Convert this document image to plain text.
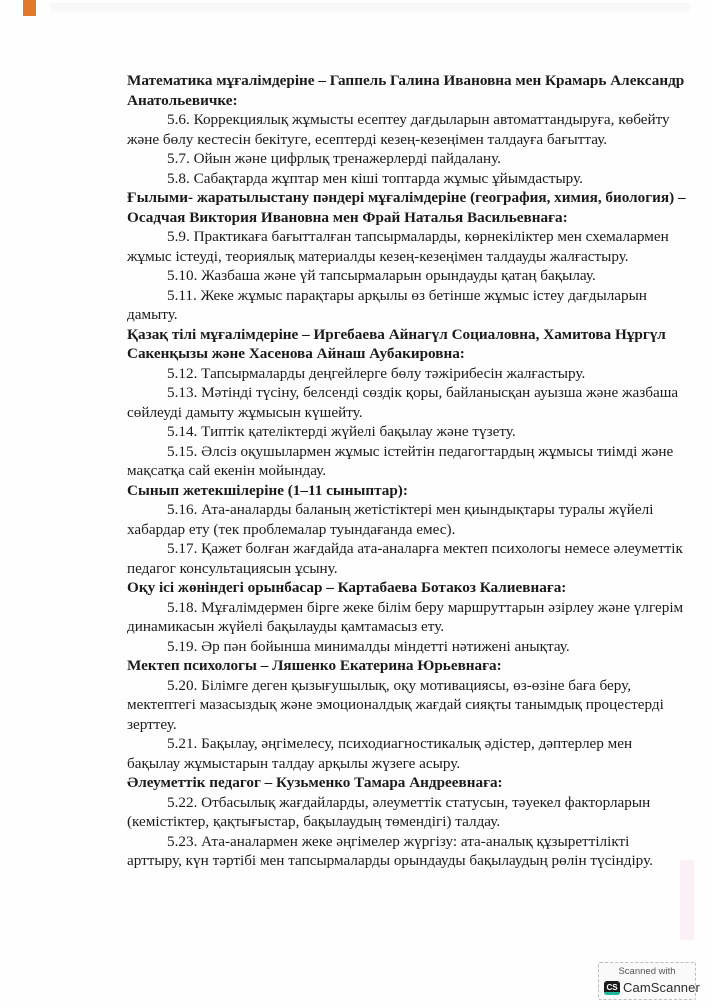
Математика мұғалімдеріне – Гаппель Галина Ивановна мен Крамарь Александр Анатольевичке:

5.6. Коррекциялық жұмысты есептеу дағдыларын автоматтандыруға, көбейту және бөлу кестесін бекітуге, есептерді кезең-кезеңімен талдауға бағыттау.

5.7. Ойын және цифрлық тренажерлерді пайдалану.

5.8. Сабақтарда жұптар мен кіші топтарда жұмыс ұйымдастыру.

Ғылыми- жаратылыстану пәндері мұғалімдеріне (география, химия, биология) – Осадчая Виктория Ивановна мен Фрай Наталья Васильевнаға:

5.9. Практикаға бағытталған тапсырмаларды, көрнекіліктер мен схемалармен жұмыс істеуді, теориялық материалды кезең-кезеңімен талдауды жалғастыру.

5.10. Жазбаша және үй тапсырмаларын орындауды қатаң бақылау.

5.11. Жеке жұмыс парақтары арқылы өз бетінше жұмыс істеу дағдыларын дамыту.

Қазақ тілі мұғалімдеріне – Иргебаева Айнагүл Социаловна, Хамитова Нұргүл Сакенқызы және Хасенова Айнаш Аубакировна:

5.12. Тапсырмаларды деңгейлерге бөлу тәжірибесін жалғастыру.

5.13. Мәтінді түсіну, белсенді сөздік қоры, байланысқан ауызша және жазбаша сөйлеуді дамыту жұмысын күшейту.

5.14. Типтік қателіктерді жүйелі бақылау және түзету.

5.15. Әлсіз оқушылармен жұмыс істейтін педагогтардың жұмысы тиімді және мақсатқа сай екенін мойындау.

Сынып жетекшілеріне (1–11 сыныптар):

5.16. Ата-аналарды баланың жетістіктері мен қиындықтары туралы жүйелі хабардар ету (тек проблемалар туындағанда емес).

5.17. Қажет болған жағдайда ата-аналарға мектеп психологы немесе әлеуметтік педагог консультациясын ұсыну.

Оқу ісі жөніндегі орынбасар – Картабаева Ботакоз Калиевнаға:

5.18. Мұғалімдермен бірге жеке білім беру маршруттарын әзірлеу және үлгерім динамикасын жүйелі бақылауды қамтамасыз ету.

5.19. Әр пән бойынша минималды міндетті нәтижені анықтау.

Мектеп психологы – Ляшенко Екатерина Юрьевнаға:

5.20. Білімге деген қызығушылық, оқу мотивациясы, өз-өзіне баға беру, мектептегі мазасыздық және эмоционалдық жағдай сияқты танымдық процестерді зерттеу.

5.21. Бақылау, әңгімелесу, психодиагностикалық әдістер, дәптерлер мен бақылау жұмыстарын талдау арқылы жүзеге асыру.

Әлеуметтік педагог – Кузьменко Тамара Андреевнаға:

5.22. Отбасылық жағдайларды, әлеуметтік статусын, тәуекел факторларын (кемістіктер, қақтығыстар, бақылаудың төмендігі) талдау.

5.23. Ата-аналармен жеке әңгімелер жүргізу: ата-аналық құзыреттілікті арттыру, күн тәртібі мен тапсырмаларды орындауды бақылаудың рөлін түсіндіру.

Scanned with
CS CamScanner
